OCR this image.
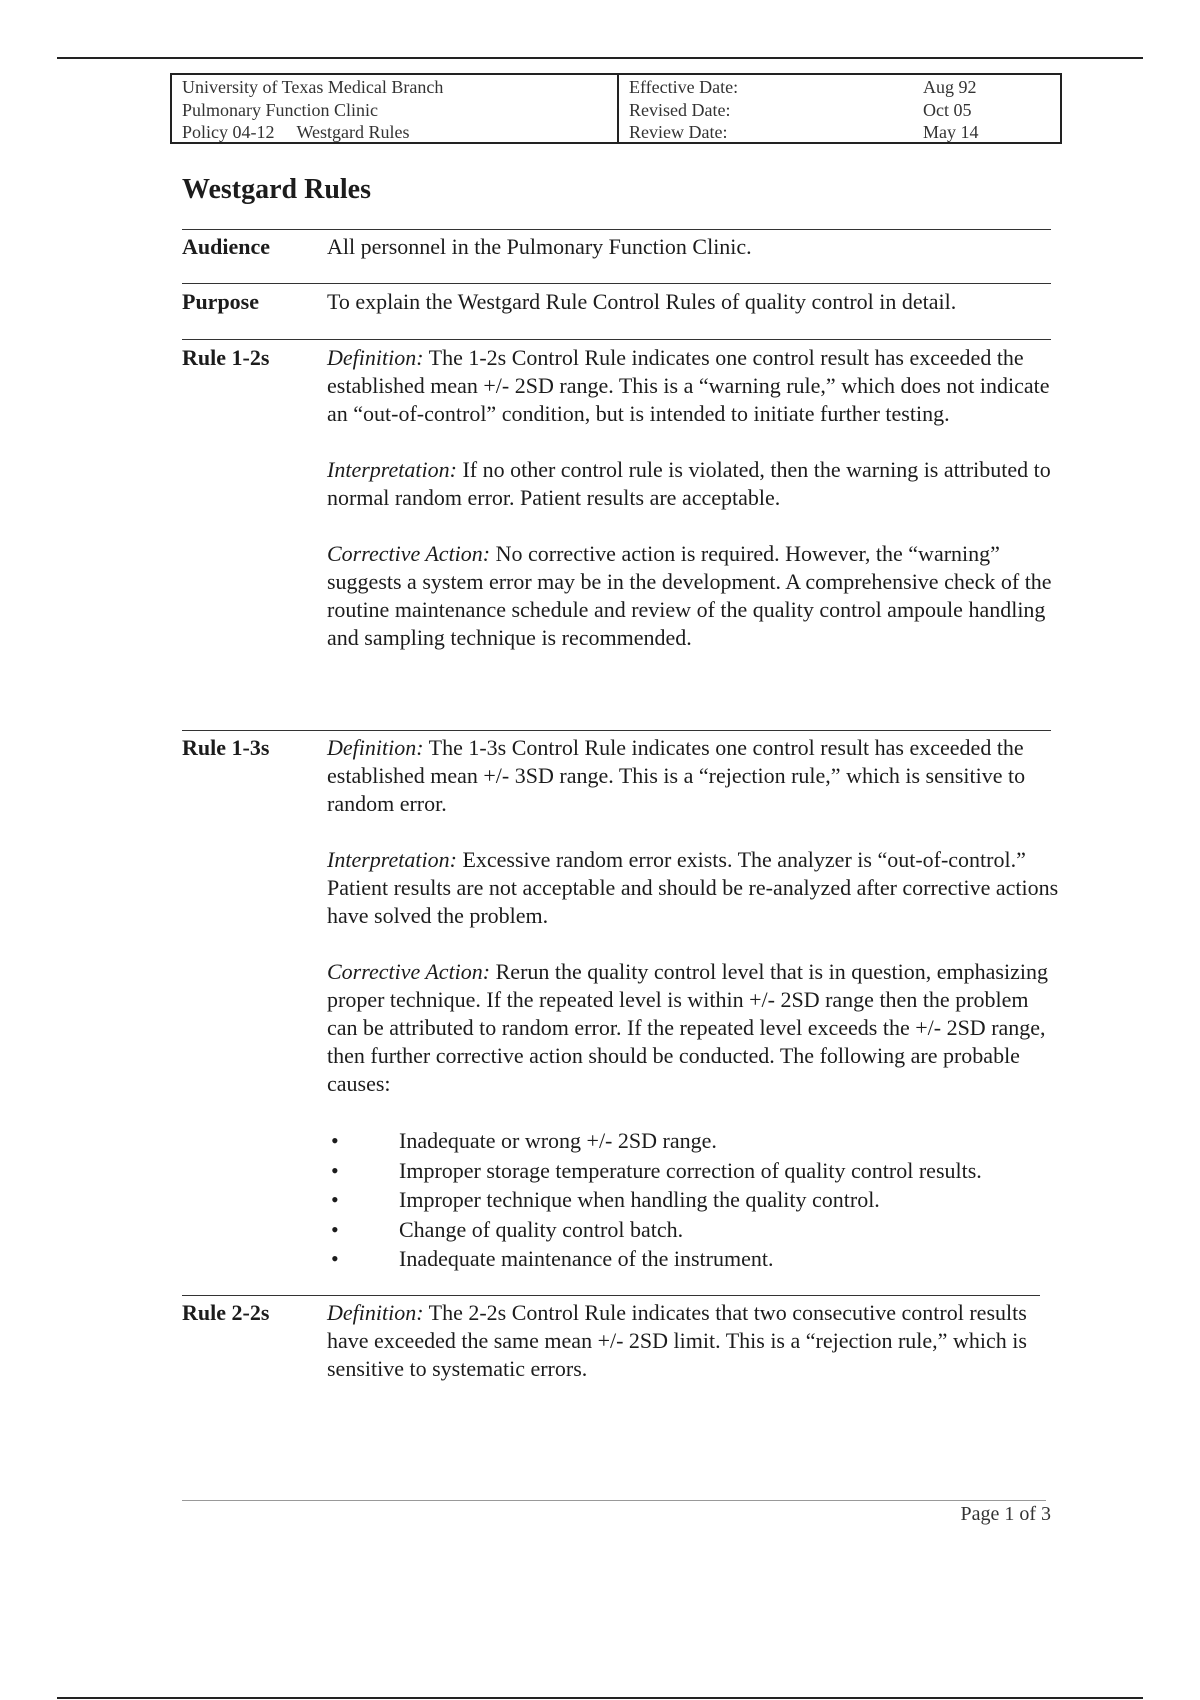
University of Texas Medical Branch
Pulmonary Function Clinic
Policy 04-12 Westgard Rules
Effective Date:	Aug 92
Revised Date:	Oct 05
Review Date:	May 14
Westgard Rules
Audience	All personnel in the Pulmonary Function Clinic.
Purpose	To explain the Westgard Rule Control Rules of quality control in detail.
Rule 1-2s	Definition: The 1-2s Control Rule indicates one control result has exceeded the established mean +/- 2SD range. This is a “warning rule,” which does not indicate an “out-of-control” condition, but is intended to initiate further testing.

Interpretation: If no other control rule is violated, then the warning is attributed to normal random error. Patient results are acceptable.

Corrective Action: No corrective action is required. However, the “warning” suggests a system error may be in the development. A comprehensive check of the routine maintenance schedule and review of the quality control ampoule handling and sampling technique is recommended.

Rule 1-3s	Definition: The 1-3s Control Rule indicates one control result has exceeded the established mean +/- 3SD range. This is a “rejection rule,” which is sensitive to random error.

Interpretation: Excessive random error exists. The analyzer is “out-of-control.” Patient results are not acceptable and should be re-analyzed after corrective actions have solved the problem.

Corrective Action: Rerun the quality control level that is in question, emphasizing proper technique. If the repeated level is within +/- 2SD range then the problem can be attributed to random error. If the repeated level exceeds the +/- 2SD range, then further corrective action should be conducted. The following are probable causes:

•	Inadequate or wrong +/- 2SD range.
•	Improper storage temperature correction of quality control results.
•	Improper technique when handling the quality control.
•	Change of quality control batch.
•	Inadequate maintenance of the instrument.
Rule 2-2s	Definition: The 2-2s Control Rule indicates that two consecutive control results have exceeded the same mean +/- 2SD limit. This is a “rejection rule,” which is sensitive to systematic errors.

Page 1 of 3
